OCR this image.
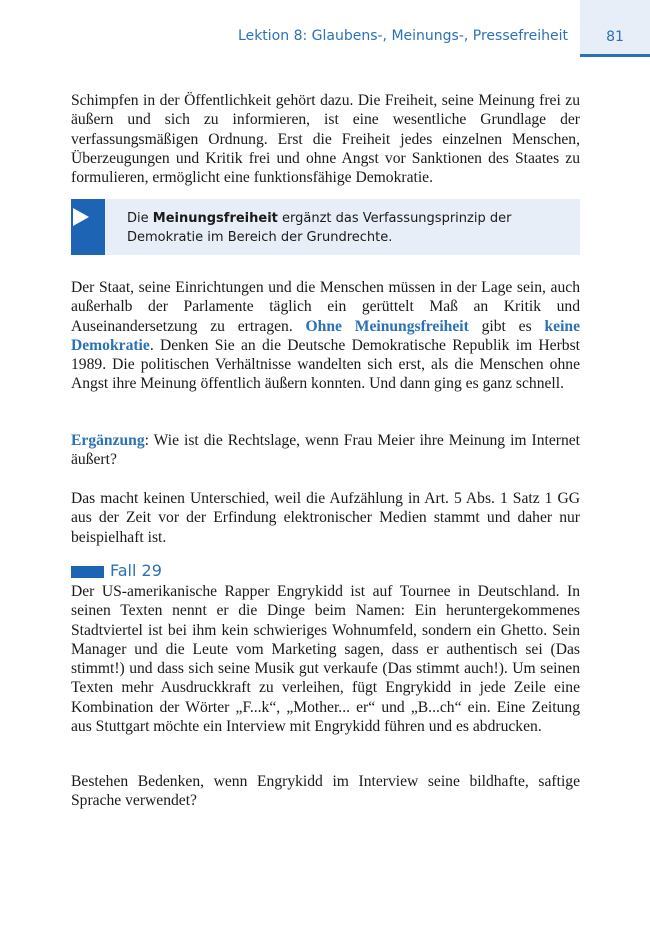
Lektion 8: Glaubens-, Meinungs-, Pressefreiheit	81

Schimpfen in der Öffentlichkeit gehört dazu. Die Freiheit, seine Meinung frei zu äußern und sich zu informieren, ist eine wesentliche Grundlage der verfassungsmäßigen Ordnung. Erst die Freiheit jedes einzelnen Menschen, Überzeugungen und Kritik frei und ohne Angst vor Sanktionen des Staates zu formulieren, ermöglicht eine funktionsfähige Demokratie.

Die Meinungsfreiheit ergänzt das Verfassungsprinzip der Demokratie im Bereich der Grundrechte.

Der Staat, seine Einrichtungen und die Menschen müssen in der Lage sein, auch außerhalb der Parlamente täglich ein gerüttelt Maß an Kritik und Auseinandersetzung zu ertragen. Ohne Meinungsfreiheit gibt es keine Demokratie. Denken Sie an die Deutsche Demokratische Republik im Herbst 1989. Die politischen Verhältnisse wandelten sich erst, als die Menschen ohne Angst ihre Meinung öffentlich äußern konnten. Und dann ging es ganz schnell.

Ergänzung: Wie ist die Rechtslage, wenn Frau Meier ihre Meinung im Internet äußert?

Das macht keinen Unterschied, weil die Aufzählung in Art. 5 Abs. 1 Satz 1 GG aus der Zeit vor der Erfindung elektronischer Medien stammt und daher nur beispielhaft ist.

Fall 29

Der US-amerikanische Rapper Engrykidd ist auf Tournee in Deutschland. In seinen Texten nennt er die Dinge beim Namen: Ein heruntergekommenes Stadtviertel ist bei ihm kein schwieriges Wohnumfeld, sondern ein Ghetto. Sein Manager und die Leute vom Marketing sagen, dass er authentisch sei (Das stimmt!) und dass sich seine Musik gut verkaufe (Das stimmt auch!). Um seinen Texten mehr Ausdruckkraft zu verleihen, fügt Engrykidd in jede Zeile eine Kombination der Wörter „F...k“, „Mother... er“ und „B...ch“ ein. Eine Zeitung aus Stuttgart möchte ein Interview mit Engrykidd führen und es abdrucken.

Bestehen Bedenken, wenn Engrykidd im Interview seine bildhafte, saftige Sprache verwendet?
